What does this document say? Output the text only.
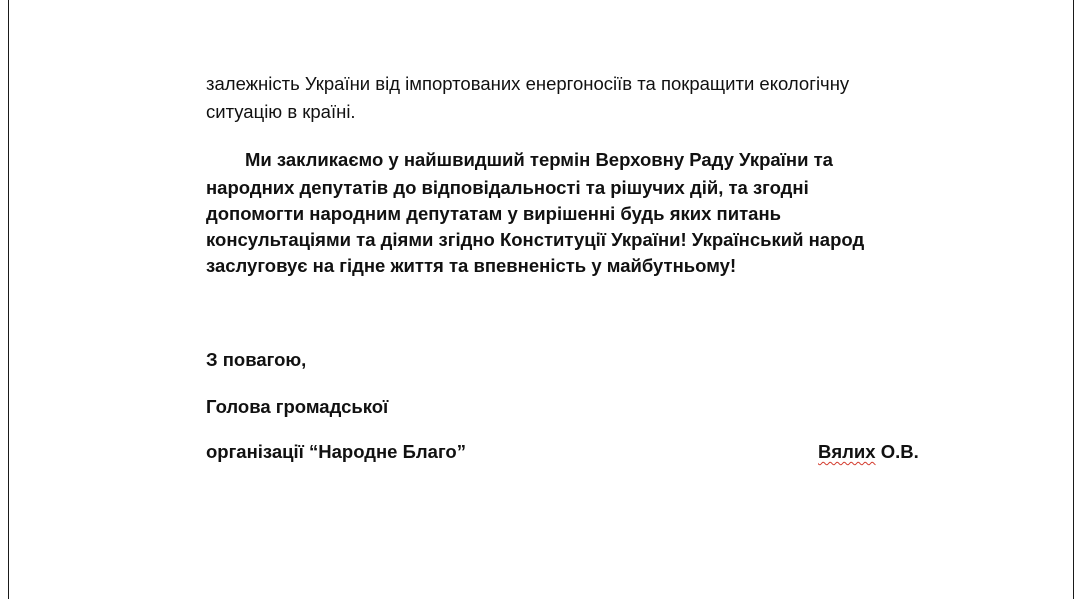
залежність України від імпортованих енергоносіїв та покращити екологічну

ситуацію в країні.

Ми закликаємо у найшвидший термін Верховну Раду України та

народних депутатів до відповідальності та рішучих дій, та згодні

допомогти народним депутатам у вирішенні будь яких питань

консультаціями та діями згідно Конституції України! Український народ

заслуговує на гідне життя та впевненість у майбутньому!

З повагою,

Голова громадської

організації “Народне Благо”	Вялих О.В.
